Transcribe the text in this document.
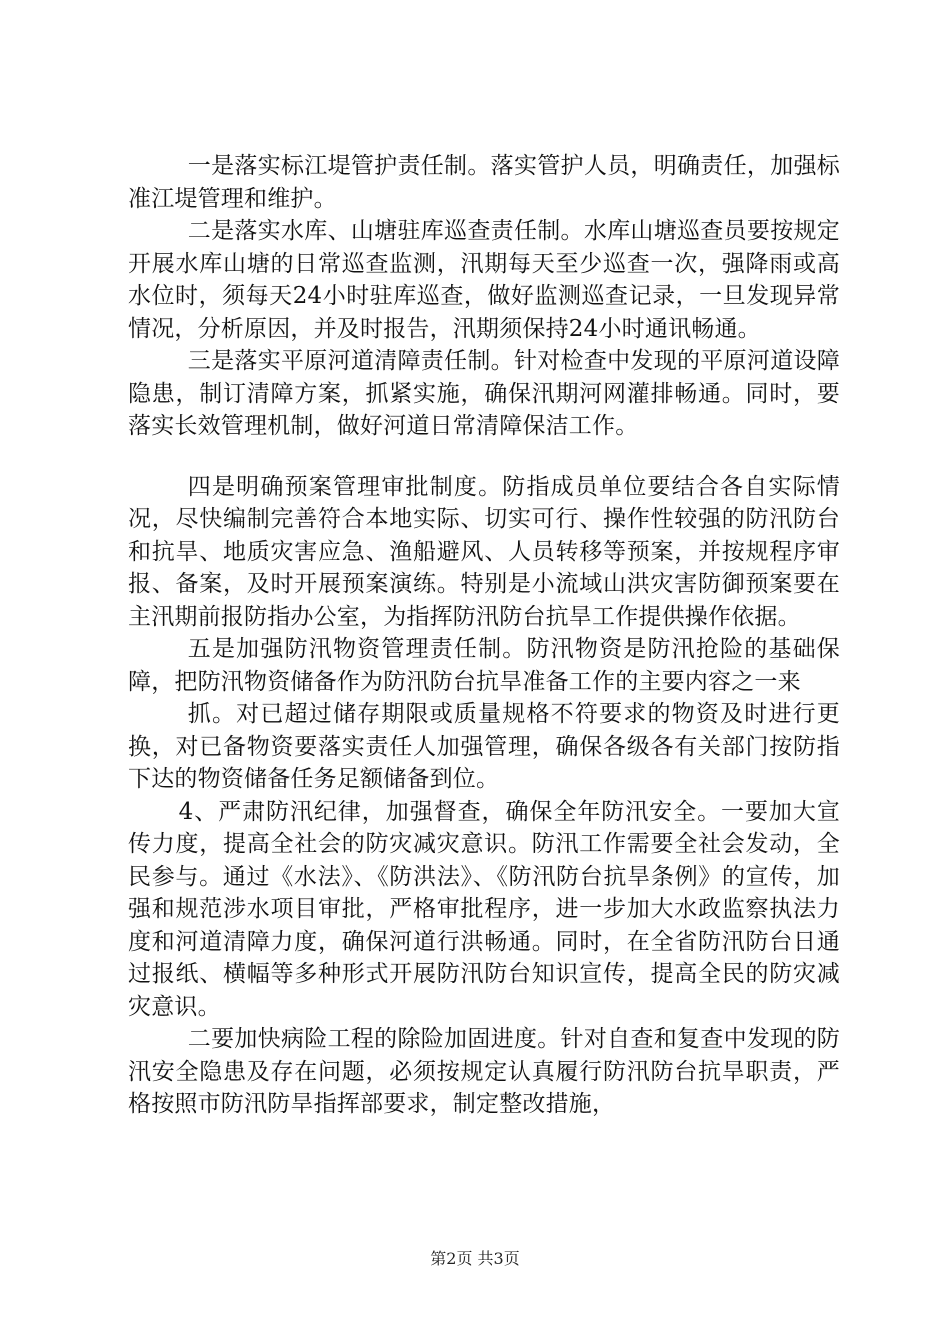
一是落实标江堤管护责任制。落实管护人员，明确责任，加强标准江堤管理和维护。

二是落实水库、山塘驻库巡查责任制。水库山塘巡查员要按规定开展水库山塘的日常巡查监测，汛期每天至少巡查一次，强降雨或高水位时，须每天24小时驻库巡查，做好监测巡查记录，一旦发现异常情况，分析原因，并及时报告，汛期须保持24小时通讯畅通。

三是落实平原河道清障责任制。针对检查中发现的平原河道设障隐患，制订清障方案，抓紧实施，确保汛期河网灌排畅通。同时，要落实长效管理机制，做好河道日常清障保洁工作。

四是明确预案管理审批制度。防指成员单位要结合各自实际情况，尽快编制完善符合本地实际、切实可行、操作性较强的防汛防台和抗旱、地质灾害应急、渔船避风、人员转移等预案，并按规程序审报、备案，及时开展预案演练。特别是小流域山洪灾害防御预案要在主汛期前报防指办公室，为指挥防汛防台抗旱工作提供操作依据。

五是加强防汛物资管理责任制。防汛物资是防汛抢险的基础保障，把防汛物资储备作为防汛防台抗旱准备工作的主要内容之一来

抓。对已超过储存期限或质量规格不符要求的物资及时进行更换，对已备物资要落实责任人加强管理，确保各级各有关部门按防指下达的物资储备任务足额储备到位。

4、严肃防汛纪律，加强督查，确保全年防汛安全。一要加大宣传力度，提高全社会的防灾减灾意识。防汛工作需要全社会发动，全民参与。通过《水法》、《防洪法》、《防汛防台抗旱条例》的宣传，加强和规范涉水项目审批，严格审批程序，进一步加大水政监察执法力度和河道清障力度，确保河道行洪畅通。同时，在全省防汛防台日通过报纸、横幅等多种形式开展防汛防台知识宣传，提高全民的防灾减灾意识。

二要加快病险工程的除险加固进度。针对自查和复查中发现的防汛安全隐患及存在问题，必须按规定认真履行防汛防台抗旱职责，严格按照市防汛防旱指挥部要求，制定整改措施，

第2页 共3页
